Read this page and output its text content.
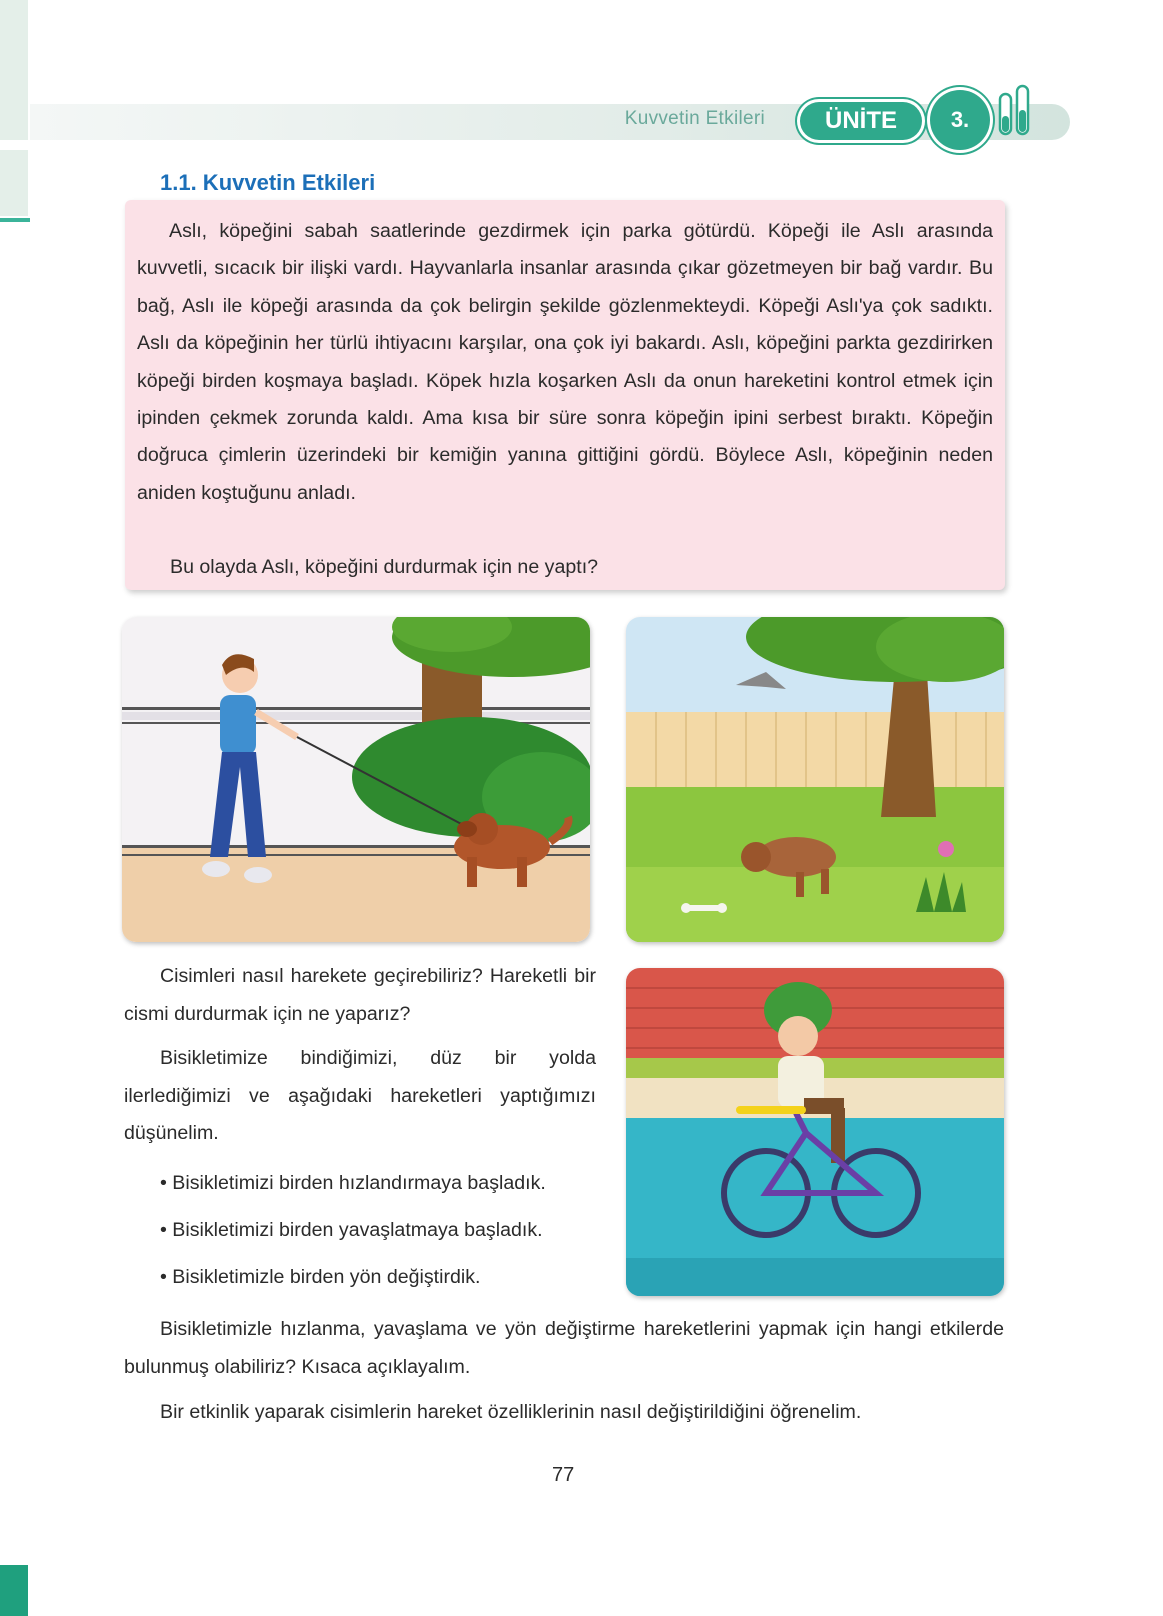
Kuvvetin Etkileri	ÜNİTE	3.
1.1. Kuvvetin Etkileri

Aslı, köpeğini sabah saatlerinde gezdirmek için parka götürdü. Köpeği ile Aslı arasında kuvvetli, sıcacık bir ilişki vardı. Hayvanlarla insanlar arasında çıkar gözetmeyen bir bağ vardır. Bu bağ, Aslı ile köpeği arasında da çok belirgin şekilde gözlenmekteydi. Köpeği Aslı'ya çok sadıktı. Aslı da köpeğinin her türlü ihtiyacını karşılar, ona çok iyi bakardı. Aslı, köpeğini parkta gezdirirken köpeği birden koşmaya başladı. Köpek hızla koşarken Aslı da onun hareketini kontrol etmek için ipinden çekmek zorunda kaldı. Ama kısa bir süre sonra köpeğin ipini serbest bıraktı. Köpeğin doğruca çimlerin üzerindeki bir kemiğin yanına gittiğini gördü. Böylece Aslı, köpeğinin neden aniden koştuğunu anladı.

Bu olayda Aslı, köpeğini durdurmak için ne yaptı?

Cisimleri nasıl harekete geçirebiliriz? Hareketli bir cismi durdurmak için ne yaparız?

Bisikletimize bindiğimizi, düz bir yolda ilerlediğimizi ve aşağıdaki hareketleri yaptığımızı düşünelim.

• Bisikletimizi birden hızlandırmaya başladık.
• Bisikletimizi birden yavaşlatmaya başladık.
• Bisikletimizle birden yön değiştirdik.

Bisikletimizle hızlanma, yavaşlama ve yön değiştirme hareketlerini yapmak için hangi etkilerde bulunmuş olabiliriz? Kısaca açıklayalım.

Bir etkinlik yaparak cisimlerin hareket özelliklerinin nasıl değiştirildiğini öğrenelim.

77
